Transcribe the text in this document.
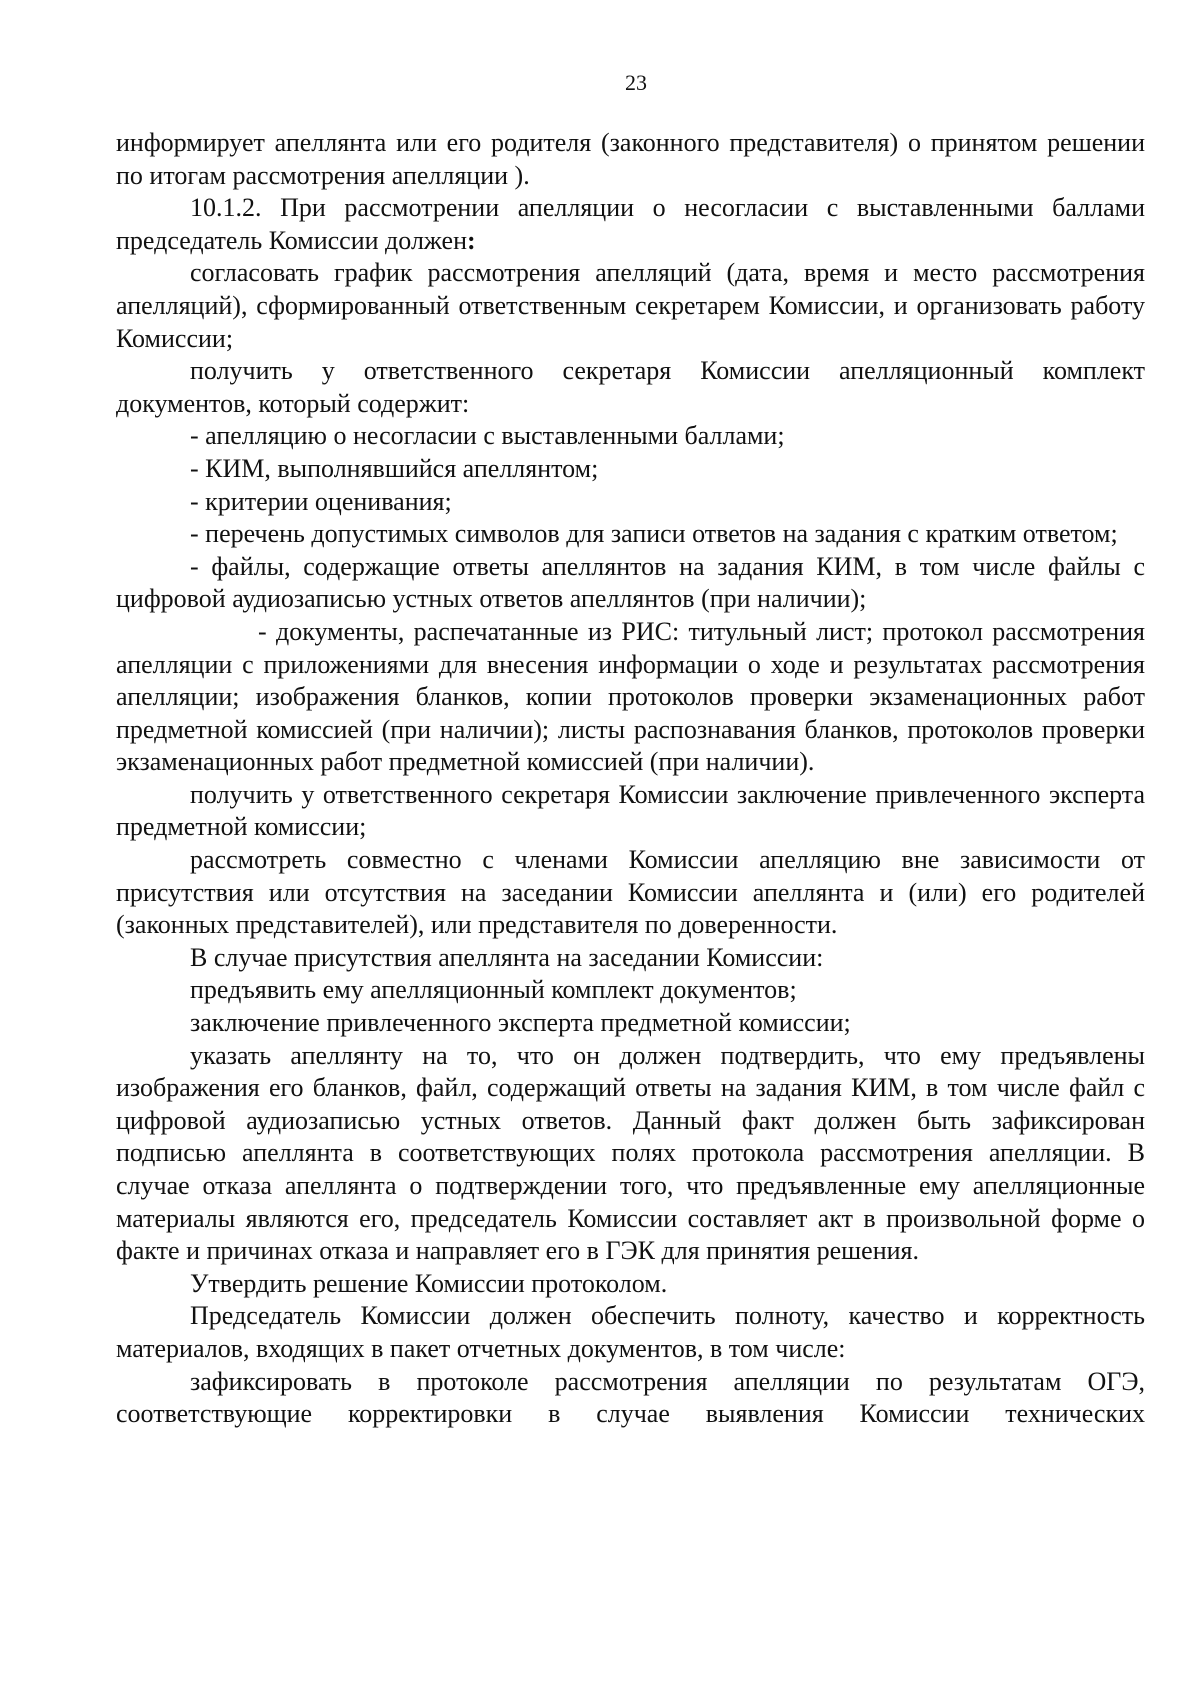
23

информирует апеллянта или его родителя (законного представителя) о принятом решении по итогам рассмотрения апелляции ).

10.1.2. При рассмотрении апелляции о несогласии с выставленными баллами председатель Комиссии должен:

согласовать график рассмотрения апелляций (дата, время и место рассмотрения апелляций), сформированный ответственным секретарем Комиссии, и организовать работу Комиссии;

получить у ответственного секретаря Комиссии апелляционный комплект документов, который содержит:

- апелляцию о несогласии с выставленными баллами;

- КИМ, выполнявшийся апеллянтом;

- критерии оценивания;

- перечень допустимых символов для записи ответов на задания с кратким ответом;

- файлы, содержащие ответы апеллянтов на задания КИМ, в том числе файлы с цифровой аудиозаписью устных ответов апеллянтов (при наличии);

- документы, распечатанные из РИС: титульный лист; протокол рассмотрения апелляции с приложениями для внесения информации о ходе и результатах рассмотрения апелляции; изображения бланков, копии протоколов проверки экзаменационных работ предметной комиссией (при наличии); листы распознавания бланков, протоколов проверки экзаменационных работ предметной комиссией (при наличии).

получить у ответственного секретаря Комиссии заключение привлеченного эксперта предметной комиссии;

рассмотреть совместно с членами Комиссии апелляцию вне зависимости от присутствия или отсутствия на заседании Комиссии апеллянта и (или) его родителей (законных представителей), или представителя по доверенности.

В случае присутствия апеллянта на заседании Комиссии:

предъявить ему апелляционный комплект документов;

заключение привлеченного эксперта предметной комиссии;

указать апеллянту на то, что он должен подтвердить, что ему предъявлены изображения его бланков, файл, содержащий ответы на задания КИМ, в том числе файл с цифровой аудиозаписью устных ответов. Данный факт должен быть зафиксирован подписью апеллянта в соответствующих полях протокола рассмотрения апелляции. В случае отказа апеллянта о подтверждении того, что предъявленные ему апелляционные материалы являются его, председатель Комиссии составляет акт в произвольной форме о факте и причинах отказа и направляет его в ГЭК для принятия решения.

Утвердить решение Комиссии протоколом.

Председатель Комиссии должен обеспечить полноту, качество и корректность материалов, входящих в пакет отчетных документов, в том числе:

зафиксировать в протоколе рассмотрения апелляции по результатам ОГЭ, соответствующие корректировки в случае выявления Комиссии технических
